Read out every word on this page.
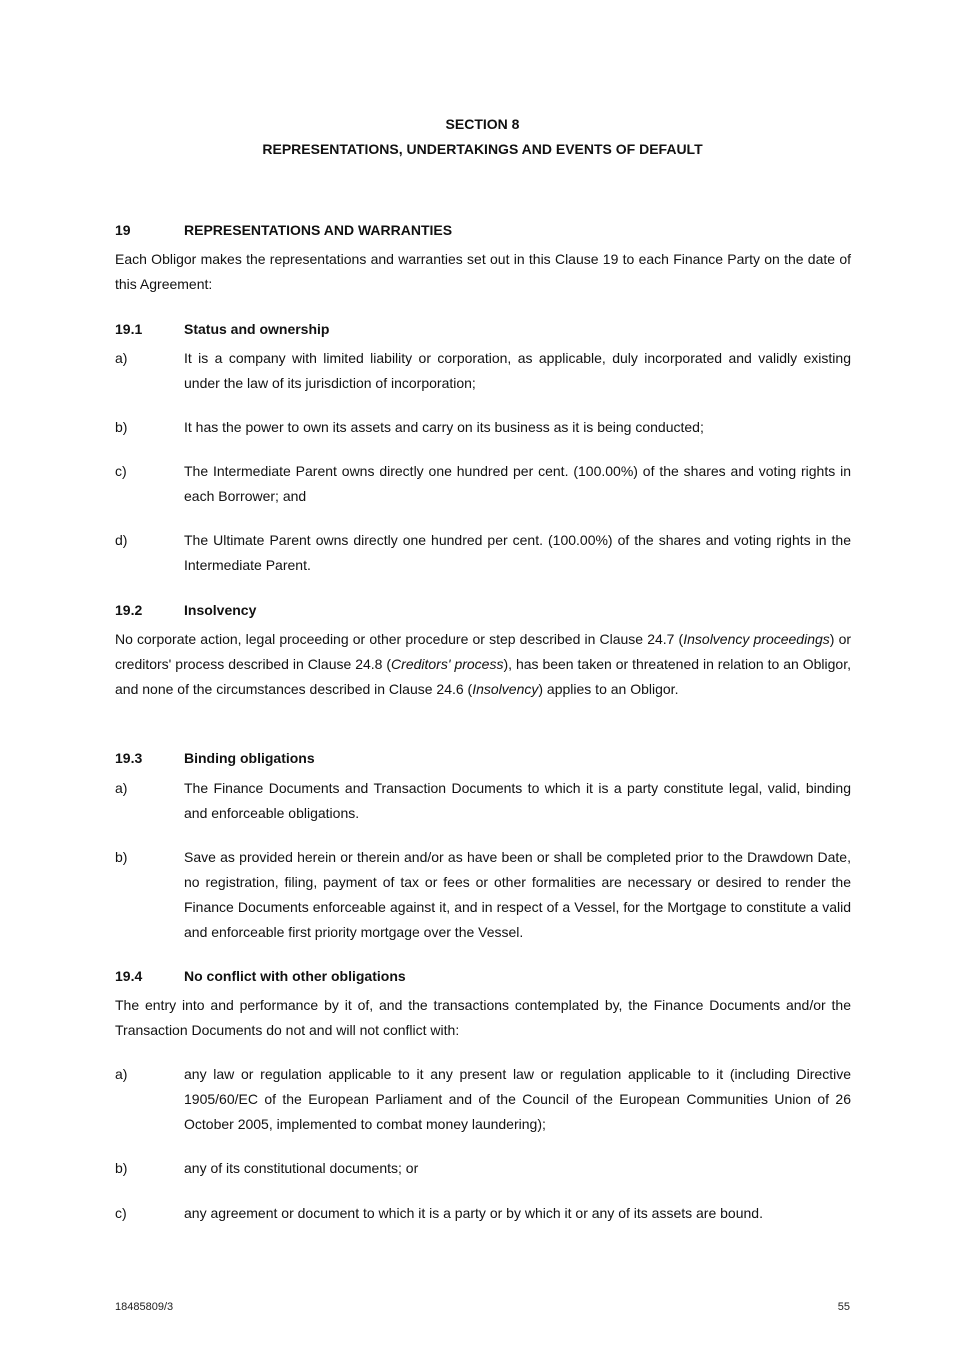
SECTION 8
REPRESENTATIONS, UNDERTAKINGS AND EVENTS OF DEFAULT
19	REPRESENTATIONS AND WARRANTIES
Each Obligor makes the representations and warranties set out in this Clause 19 to each Finance Party on the date of this Agreement:
19.1	Status and ownership
a)	It is a company with limited liability or corporation, as applicable, duly incorporated and validly existing under the law of its jurisdiction of incorporation;
b)	It has the power to own its assets and carry on its business as it is being conducted;
c)	The Intermediate Parent owns directly one hundred per cent. (100.00%) of the shares and voting rights in each Borrower; and
d)	The Ultimate Parent owns directly one hundred per cent. (100.00%) of the shares and voting rights in the Intermediate Parent.
19.2	Insolvency
No corporate action, legal proceeding or other procedure or step described in Clause 24.7 (Insolvency proceedings) or creditors' process described in Clause 24.8 (Creditors' process), has been taken or threatened in relation to an Obligor, and none of the circumstances described in Clause 24.6 (Insolvency) applies to an Obligor.
19.3	Binding obligations
a)	The Finance Documents and Transaction Documents to which it is a party constitute legal, valid, binding and enforceable obligations.
b)	Save as provided herein or therein and/or as have been or shall be completed prior to the Drawdown Date, no registration, filing, payment of tax or fees or other formalities are necessary or desired to render the Finance Documents enforceable against it, and in respect of a Vessel, for the Mortgage to constitute a valid and enforceable first priority mortgage over the Vessel.
19.4	No conflict with other obligations
The entry into and performance by it of, and the transactions contemplated by, the Finance Documents and/or the Transaction Documents do not and will not conflict with:
a)	any law or regulation applicable to it any present law or regulation applicable to it (including Directive 1905/60/EC of the European Parliament and of the Council of the European Communities Union of 26 October 2005, implemented to combat money laundering);
b)	any of its constitutional documents; or
c)	any agreement or document to which it is a party or by which it or any of its assets are bound.
18485809/3	55
